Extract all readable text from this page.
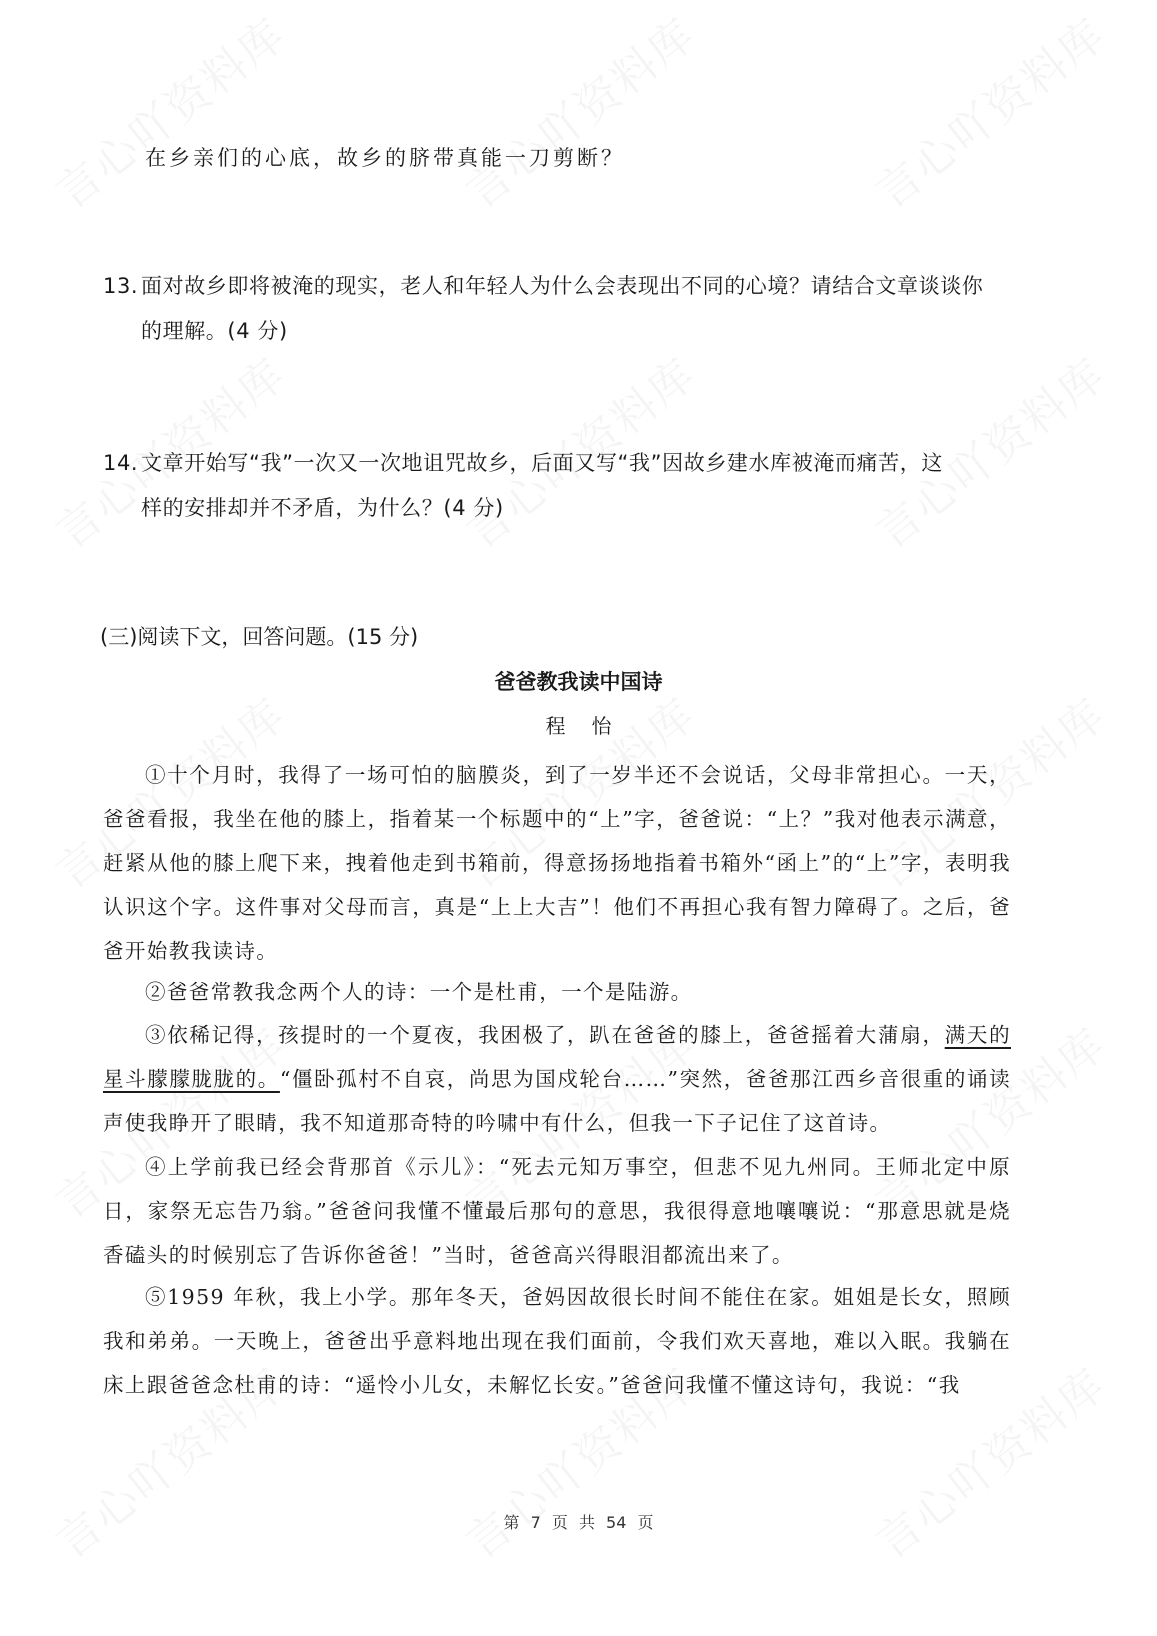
在乡亲们的心底，故乡的脐带真能一刀剪断？
13. 面对故乡即将被淹的现实，老人和年轻人为什么会表现出不同的心境？请结合文章谈谈你
的理解。(4 分)
14. 文章开始写“我”一次又一次地诅咒故乡，后面又写“我”因故乡建水库被淹而痛苦，这
样的安排却并不矛盾，为什么？(4 分)
(三)阅读下文，回答问题。(15 分)
爸爸教我读中国诗
程怡
①十个月时，我得了一场可怕的脑膜炎，到了一岁半还不会说话，父母非常担心。一天，爸爸看报，我坐在他的膝上，指着某一个标题中的“上”字，爸爸说：“上？”我对他表示满意，赶紧从他的膝上爬下来，拽着他走到书箱前，得意扬扬地指着书箱外“函上”的“上”字，表明我认识这个字。这件事对父母而言，真是“上上大吉”！他们不再担心我有智力障碍了。之后，爸爸开始教我读诗。
②爸爸常教我念两个人的诗：一个是杜甫，一个是陆游。
③依稀记得，孩提时的一个夏夜，我困极了，趴在爸爸的膝上，爸爸摇着大蒲扇，满天的星斗朦朦胧胧的。“僵卧孤村不自哀，尚思为国戍轮台……”突然，爸爸那江西乡音很重的诵读声使我睁开了眼睛，我不知道那奇特的吟啸中有什么，但我一下子记住了这首诗。
④上学前我已经会背那首《示儿》：“死去元知万事空，但悲不见九州同。王师北定中原日，家祭无忘告乃翁。”爸爸问我懂不懂最后那句的意思，我很得意地嚷嚷说：“那意思就是烧香磕头的时候别忘了告诉你爸爸！”当时，爸爸高兴得眼泪都流出来了。
⑤1959 年秋，我上小学。那年冬天，爸妈因故很长时间不能住在家。姐姐是长女，照顾我和弟弟。一天晚上，爸爸出乎意料地出现在我们面前，令我们欢天喜地，难以入眠。我躺在床上跟爸爸念杜甫的诗：“遥怜小儿女，未解忆长安。”爸爸问我懂不懂这诗句，我说：“我
第 7 页 共 54 页
